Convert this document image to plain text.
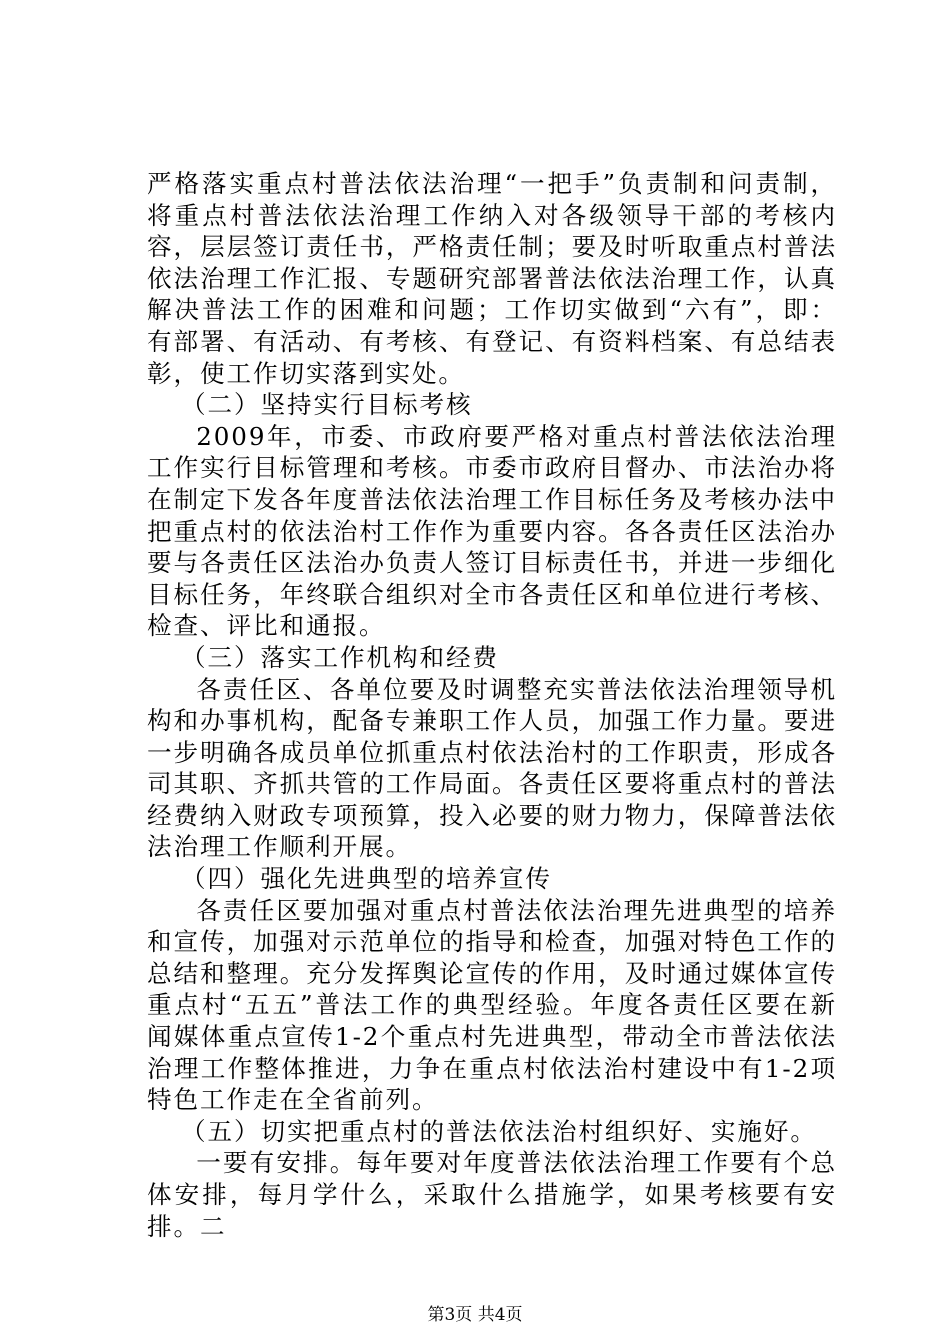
严格落实重点村普法依法治理“一把手”负责制和问责制，将重点村普法依法治理工作纳入对各级领导干部的考核内容，层层签订责任书，严格责任制；要及时听取重点村普法依法治理工作汇报、专题研究部署普法依法治理工作，认真解决普法工作的困难和问题；工作切实做到“六有”，即：有部署、有活动、有考核、有登记、有资料档案、有总结表彰，使工作切实落到实处。

（二）坚持实行目标考核

2009年，市委、市政府要严格对重点村普法依法治理工作实行目标管理和考核。市委市政府目督办、市法治办将在制定下发各年度普法依法治理工作目标任务及考核办法中把重点村的依法治村工作作为重要内容。各各责任区法治办要与各责任区法治办负责人签订目标责任书，并进一步细化目标任务，年终联合组织对全市各责任区和单位进行考核、检查、评比和通报。

（三）落实工作机构和经费

各责任区、各单位要及时调整充实普法依法治理领导机构和办事机构，配备专兼职工作人员，加强工作力量。要进一步明确各成员单位抓重点村依法治村的工作职责，形成各司其职、齐抓共管的工作局面。各责任区要将重点村的普法经费纳入财政专项预算，投入必要的财力物力，保障普法依法治理工作顺利开展。

（四）强化先进典型的培养宣传

各责任区要加强对重点村普法依法治理先进典型的培养和宣传，加强对示范单位的指导和检查，加强对特色工作的总结和整理。充分发挥舆论宣传的作用，及时通过媒体宣传重点村“五五”普法工作的典型经验。年度各责任区要在新闻媒体重点宣传1-2个重点村先进典型，带动全市普法依法治理工作整体推进，力争在重点村依法治村建设中有1-2项特色工作走在全省前列。

（五）切实把重点村的普法依法治村组织好、实施好。

一要有安排。每年要对年度普法依法治理工作要有个总体安排，每月学什么，采取什么措施学，如果考核要有安排。二

第3页 共4页
